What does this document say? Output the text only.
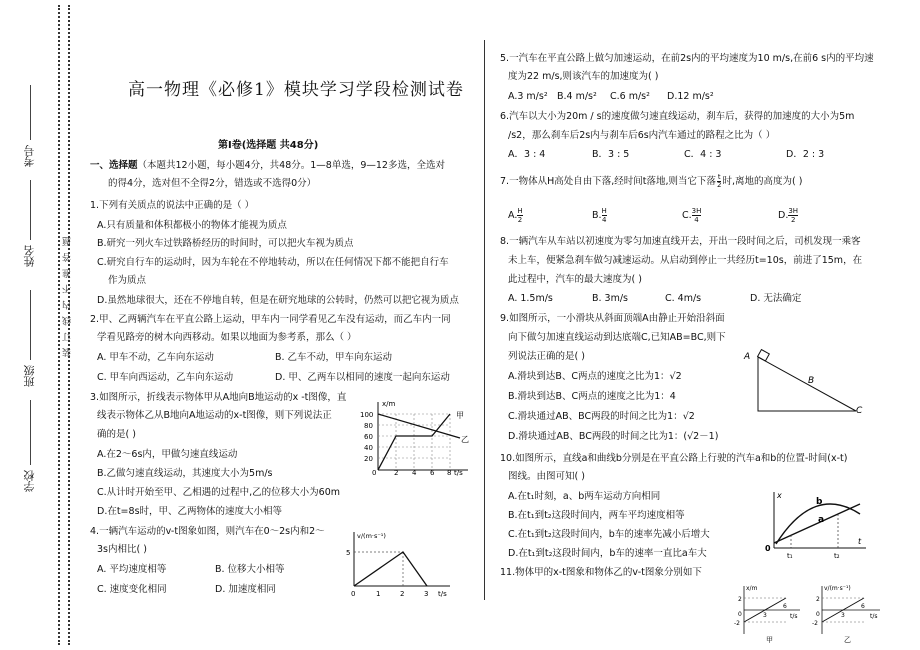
装 订 线 内 不 准 答 题
考号
姓名
班级
学校
高一物理《必修1》模块学习学段检测试卷
第Ⅰ卷(选择题 共48分)
一、选择题（本题共12小题，每小题4分，共48分。1—8单选，9—12多选，全选对
的得4分，选对但不全得2分，错选或不选得0分）
1.下列有关质点的说法中正确的是（ ）
A.只有质量和体积都极小的物体才能视为质点
B.研究一列火车过铁路桥经历的时间时，可以把火车视为质点
C.研究自行车的运动时，因为车轮在不停地转动，所以在任何情况下都不能把自行车
作为质点
D.虽然地球很大，还在不停地自转，但是在研究地球的公转时，仍然可以把它视为质点
2.甲、乙两辆汽车在平直公路上运动，甲车内一同学看见乙车没有运动，而乙车内一同
学看见路旁的树木向西移动。如果以地面为参考系，那么（ ）
A. 甲车不动，乙车向东运动	B. 乙车不动，甲车向东运动
C. 甲车向西运动，乙车向东运动	D. 甲、乙两车以相同的速度一起向东运动
3.如图所示，折线表示物体甲从A地向B地运动的x -t图像，直
线表示物体乙从B地向A地运动的x-t图像，则下列说法正
确的是( )
A.在2～6s内，甲做匀速直线运动
B.乙做匀速直线运动，其速度大小为5m/s
C.从计时开始至甲、乙相遇的过程中,乙的位移大小为60m
D.在t=8s时，甲、乙两物体的速度大小相等
100
80
60
40
20
x/m
0	2 4 6 8 t/s
甲
乙
4.一辆汽车运动的v-t图象如图，则汽车在0～2s内和2～
3s内相比( )
A. 平均速度相等	B. 位移大小相等
C. 速度变化相同	D. 加速度相同
v/(m·s⁻¹)
5
0	1	2	3 t/s
5.一汽车在平直公路上做匀加速运动，在前2s内的平均速度为10 m/s,在前6 s内的平均速
度为22 m/s,则该汽车的加速度为( )
A.3 m/s² B.4 m/s² C.6 m/s² D.12 m/s²
6.汽车以大小为20m / s的速度做匀速直线运动，刹车后，获得的加速度的大小为5m
/s2，那么刹车后2s内与刹车后6s内汽车通过的路程之比为（ ）
A．3 : 4	B．3 : 5	C．4 : 3	D．2 : 3
7.一物体从H高处自由下落,经时间t落地,则当它下落 $\frac{t}{2}$ 时,离地的高度为( )
A. $\frac{H}{2}$	B. $\frac{H}{4}$	C. $\frac{3H}{4}$	D. $\frac{3H}{2}$
8.一辆汽车从车站以初速度为零匀加速直线开去，开出一段时间之后，司机发现一乘客
未上车，便紧急刹车做匀减速运动。从启动到停止一共经历t=10s，前进了15m，在
此过程中，汽车的最大速度为( )
A. 1.5m/s	B. 3m/s	C. 4m/s	D. 无法确定
9.如图所示，一小滑块从斜面顶端A由静止开始沿斜面
向下做匀加速直线运动到达底端C,已知AB=BC,则下
列说法正确的是( )
A.滑块到达B、C两点的速度之比为1：√2
B.滑块到达B、C两点的速度之比为1：4
C.滑块通过AB、BC两段的时间之比为1：√2
D.滑块通过AB、BC两段的时间之比为1：(√2－1)
A
B
C
10.如图所示，直线a和曲线b分别是在平直公路上行驶的汽车a和b的位置-时间(x-t)
图线。由图可知( )
A.在t₁时刻，a、b两车运动方向相同
B.在t₁到t₂这段时间内，两车平均速度相等
C.在t₁到t₂这段时间内，b车的速率先减小后增大
D.在t₁到t₂这段时间内，b车的速率一直比a车大
x
t
a
b
0
t₁	t₂
11.物体甲的x-t图象和物体乙的v-t图象分别如下
x/m
t/s
2
-2
0	3
6
甲
v/(m·s⁻¹)
t/s
2
-2
0	3
6
乙
